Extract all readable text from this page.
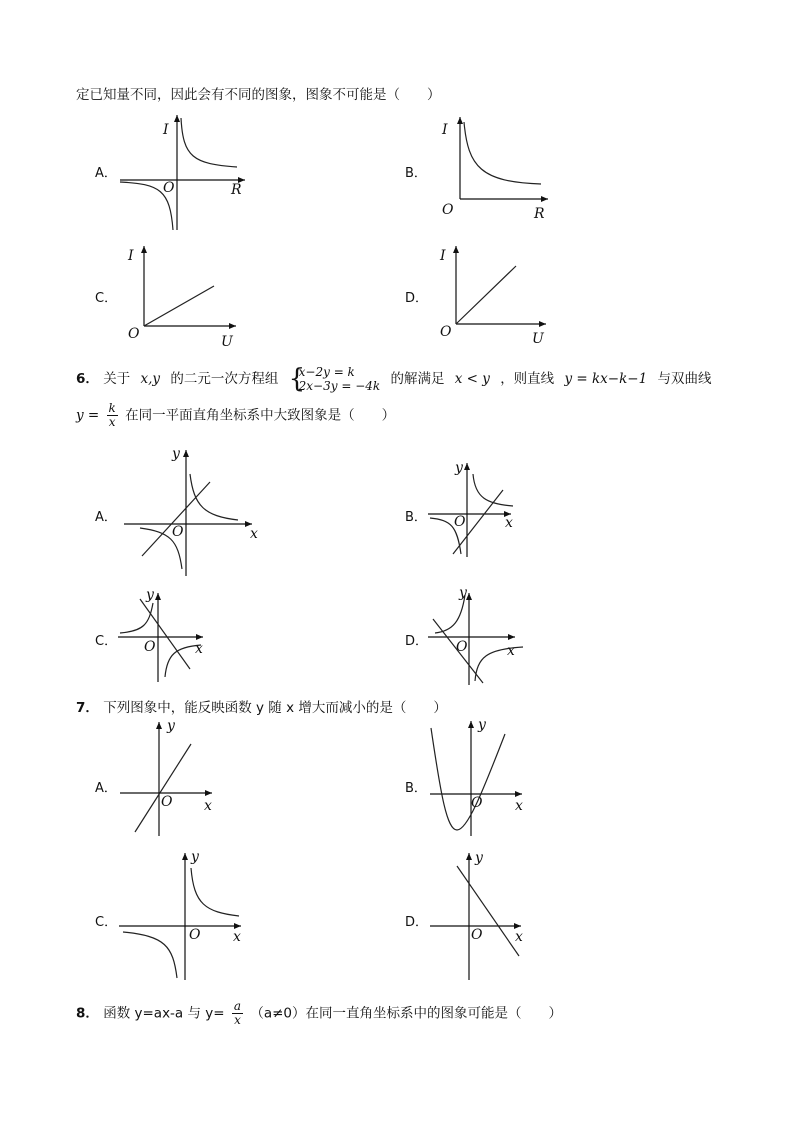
定已知量不同，因此会有不同的图象，图象不可能是（　　）
A．
I
O	R
B．
I
O	R
C．
I
O	U
D．
I
O	U
6． 关于 x,y 的二元一次方程组 {
x−2y = k
2x−3y = −4k 的解满足 x < y ，则直线 y = kx−k−1 与双曲线
$y = \frac{k}{x}$ 在同一平面直角坐标系中大致图象是（　　）
A．
y
O	x
B．
y
O	x
C．
y
O	x	D．
y
O	x
7． 下列图象中，能反映函数 y 随 x 增大而减小的是（　　）
A．
y
O x
B．
y
O x
C．
y
O x
D．
y
O x
8． 函数 y=ax-a 与 $y= \frac{a}{x} (a\ne 0)$在同一直角坐标系中的图象可能是（　　）
